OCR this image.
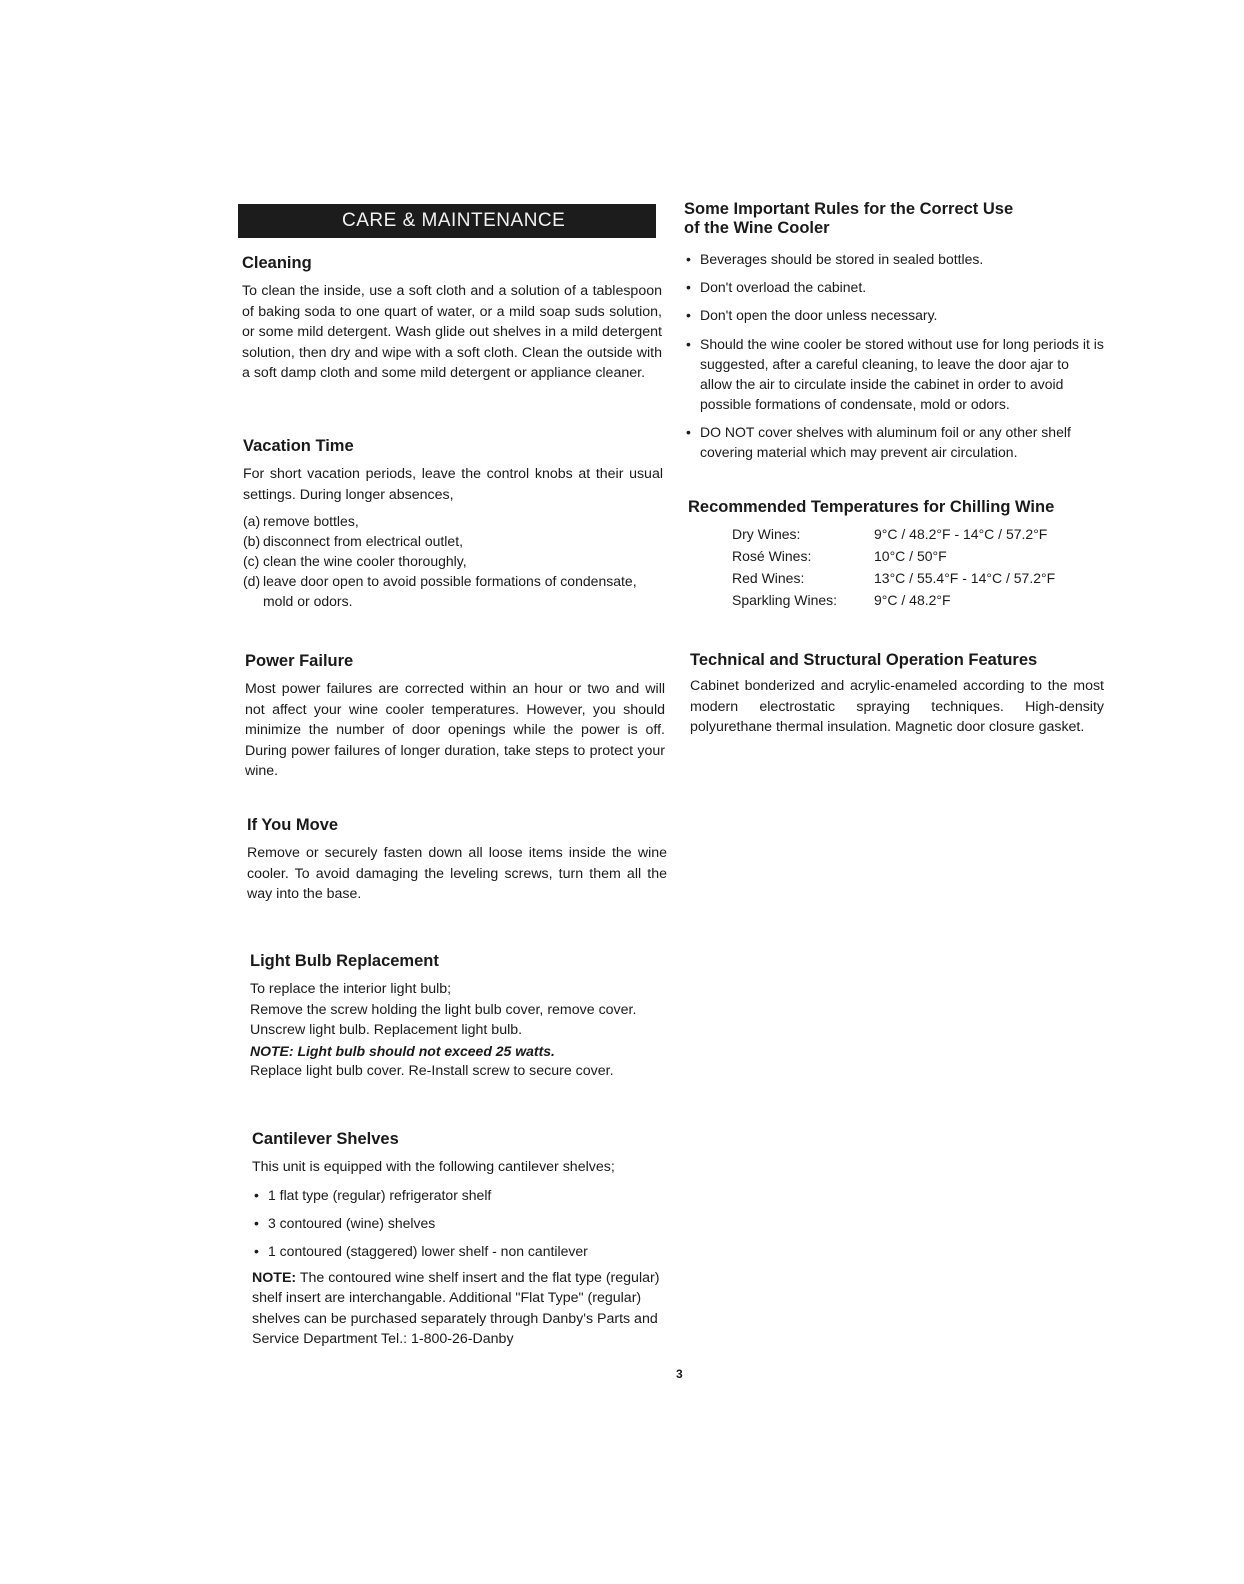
CARE & MAINTENANCE
Cleaning

To clean the inside, use a soft cloth and a solution of a tablespoon of baking soda to one quart of water, or a mild soap suds solution, or some mild detergent. Wash glide out shelves in a mild detergent solution, then dry and wipe with a soft cloth. Clean the outside with a soft damp cloth and some mild detergent or appliance cleaner.

Vacation Time

For short vacation periods, leave the control knobs at their usual settings. During longer absences,

(a) remove bottles,
(b) disconnect from electrical outlet,
(c) clean the wine cooler thoroughly,
(d) leave door open to avoid possible formations of condensate, mold or odors.
Power Failure

Most power failures are corrected within an hour or two and will not affect your wine cooler temperatures. However, you should minimize the number of door openings while the power is off. During power failures of longer duration, take steps to protect your wine.

If You Move

Remove or securely fasten down all loose items inside the wine cooler. To avoid damaging the leveling screws, turn them all the way into the base.

Light Bulb Replacement
To replace the interior light bulb;
Remove the screw holding the light bulb cover, remove cover.
Unscrew light bulb. Replacement light bulb.
NOTE: Light bulb should not exceed 25 watts.
Replace light bulb cover. Re-Install screw to secure cover.
Cantilever Shelves
This unit is equipped with the following cantilever shelves;
• 1 flat type (regular) refrigerator shelf
• 3 contoured (wine) shelves
• 1 contoured (staggered) lower shelf - non cantilever

NOTE: The contoured wine shelf insert and the flat type (regular) shelf insert are interchangable. Additional "Flat Type" (regular) shelves can be purchased separately through Danby's Parts and Service Department Tel.: 1-800-26-Danby

Some Important Rules for the Correct Use
of the Wine Cooler
• Beverages should be stored in sealed bottles.
• Don't overload the cabinet.
• Don't open the door unless necessary.
• Should the wine cooler be stored without use for long periods it is suggested, after a careful cleaning, to leave the door ajar to allow the air to circulate inside the cabinet in order to avoid possible formations of condensate, mold or odors.
• DO NOT cover shelves with aluminum foil or any other shelf covering material which may prevent air circulation.
Recommended Temperatures for Chilling Wine
Dry Wines:	9°C / 48.2°F - 14°C / 57.2°F
Rosé Wines:	10°C / 50°F
Red Wines:	13°C / 55.4°F - 14°C / 57.2°F
Sparkling Wines:	9°C / 48.2°F
Technical and Structural Operation Features

Cabinet bonderized and acrylic-enameled according to the most modern electrostatic spraying techniques. High-density polyurethane thermal insulation. Magnetic door closure gasket.

3
